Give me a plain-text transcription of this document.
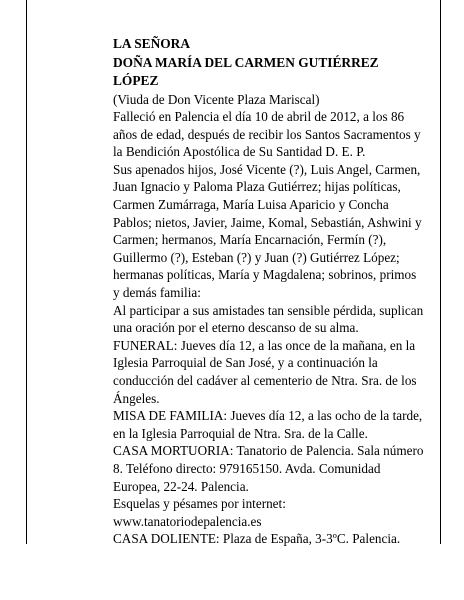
LA SEÑORA

DOÑA MARÍA DEL CARMEN GUTIÉRREZ LÓPEZ

(Viuda de Don Vicente Plaza Mariscal)

Falleció en Palencia el día 10 de abril de 2012, a los 86 años de edad, después de recibir los Santos Sacramentos y la Bendición Apostólica de Su Santidad D. E. P.

Sus apenados hijos, José Vicente (?), Luis Angel, Carmen, Juan Ignacio y Paloma Plaza Gutiérrez; hijas políticas, Carmen Zumárraga, María Luisa Aparicio y Concha Pablos; nietos, Javier, Jaime, Komal, Sebastián, Ashwini y Carmen; hermanos, María Encarnación, Fermín (?), Guillermo (?), Esteban (?) y Juan (?) Gutiérrez López; hermanas políticas, María y Magdalena; sobrinos, primos y demás familia:

Al participar a sus amistades tan sensible pérdida, suplican una oración por el eterno descanso de su alma.

FUNERAL: Jueves día 12, a las once de la mañana, en la Iglesia Parroquial de San José, y a continuación la conducción del cadáver al cementerio de Ntra. Sra. de los Ángeles.

MISA DE FAMILIA: Jueves día 12, a las ocho de la tarde, en la Iglesia Parroquial de Ntra. Sra. de la Calle.

CASA MORTUORIA: Tanatorio de Palencia. Sala número 8. Teléfono directo: 979165150. Avda. Comunidad Europea, 22-24. Palencia.

Esquelas y pésames por internet: www.tanatoriodepalencia.es

CASA DOLIENTE: Plaza de España, 3-3ºC. Palencia.
